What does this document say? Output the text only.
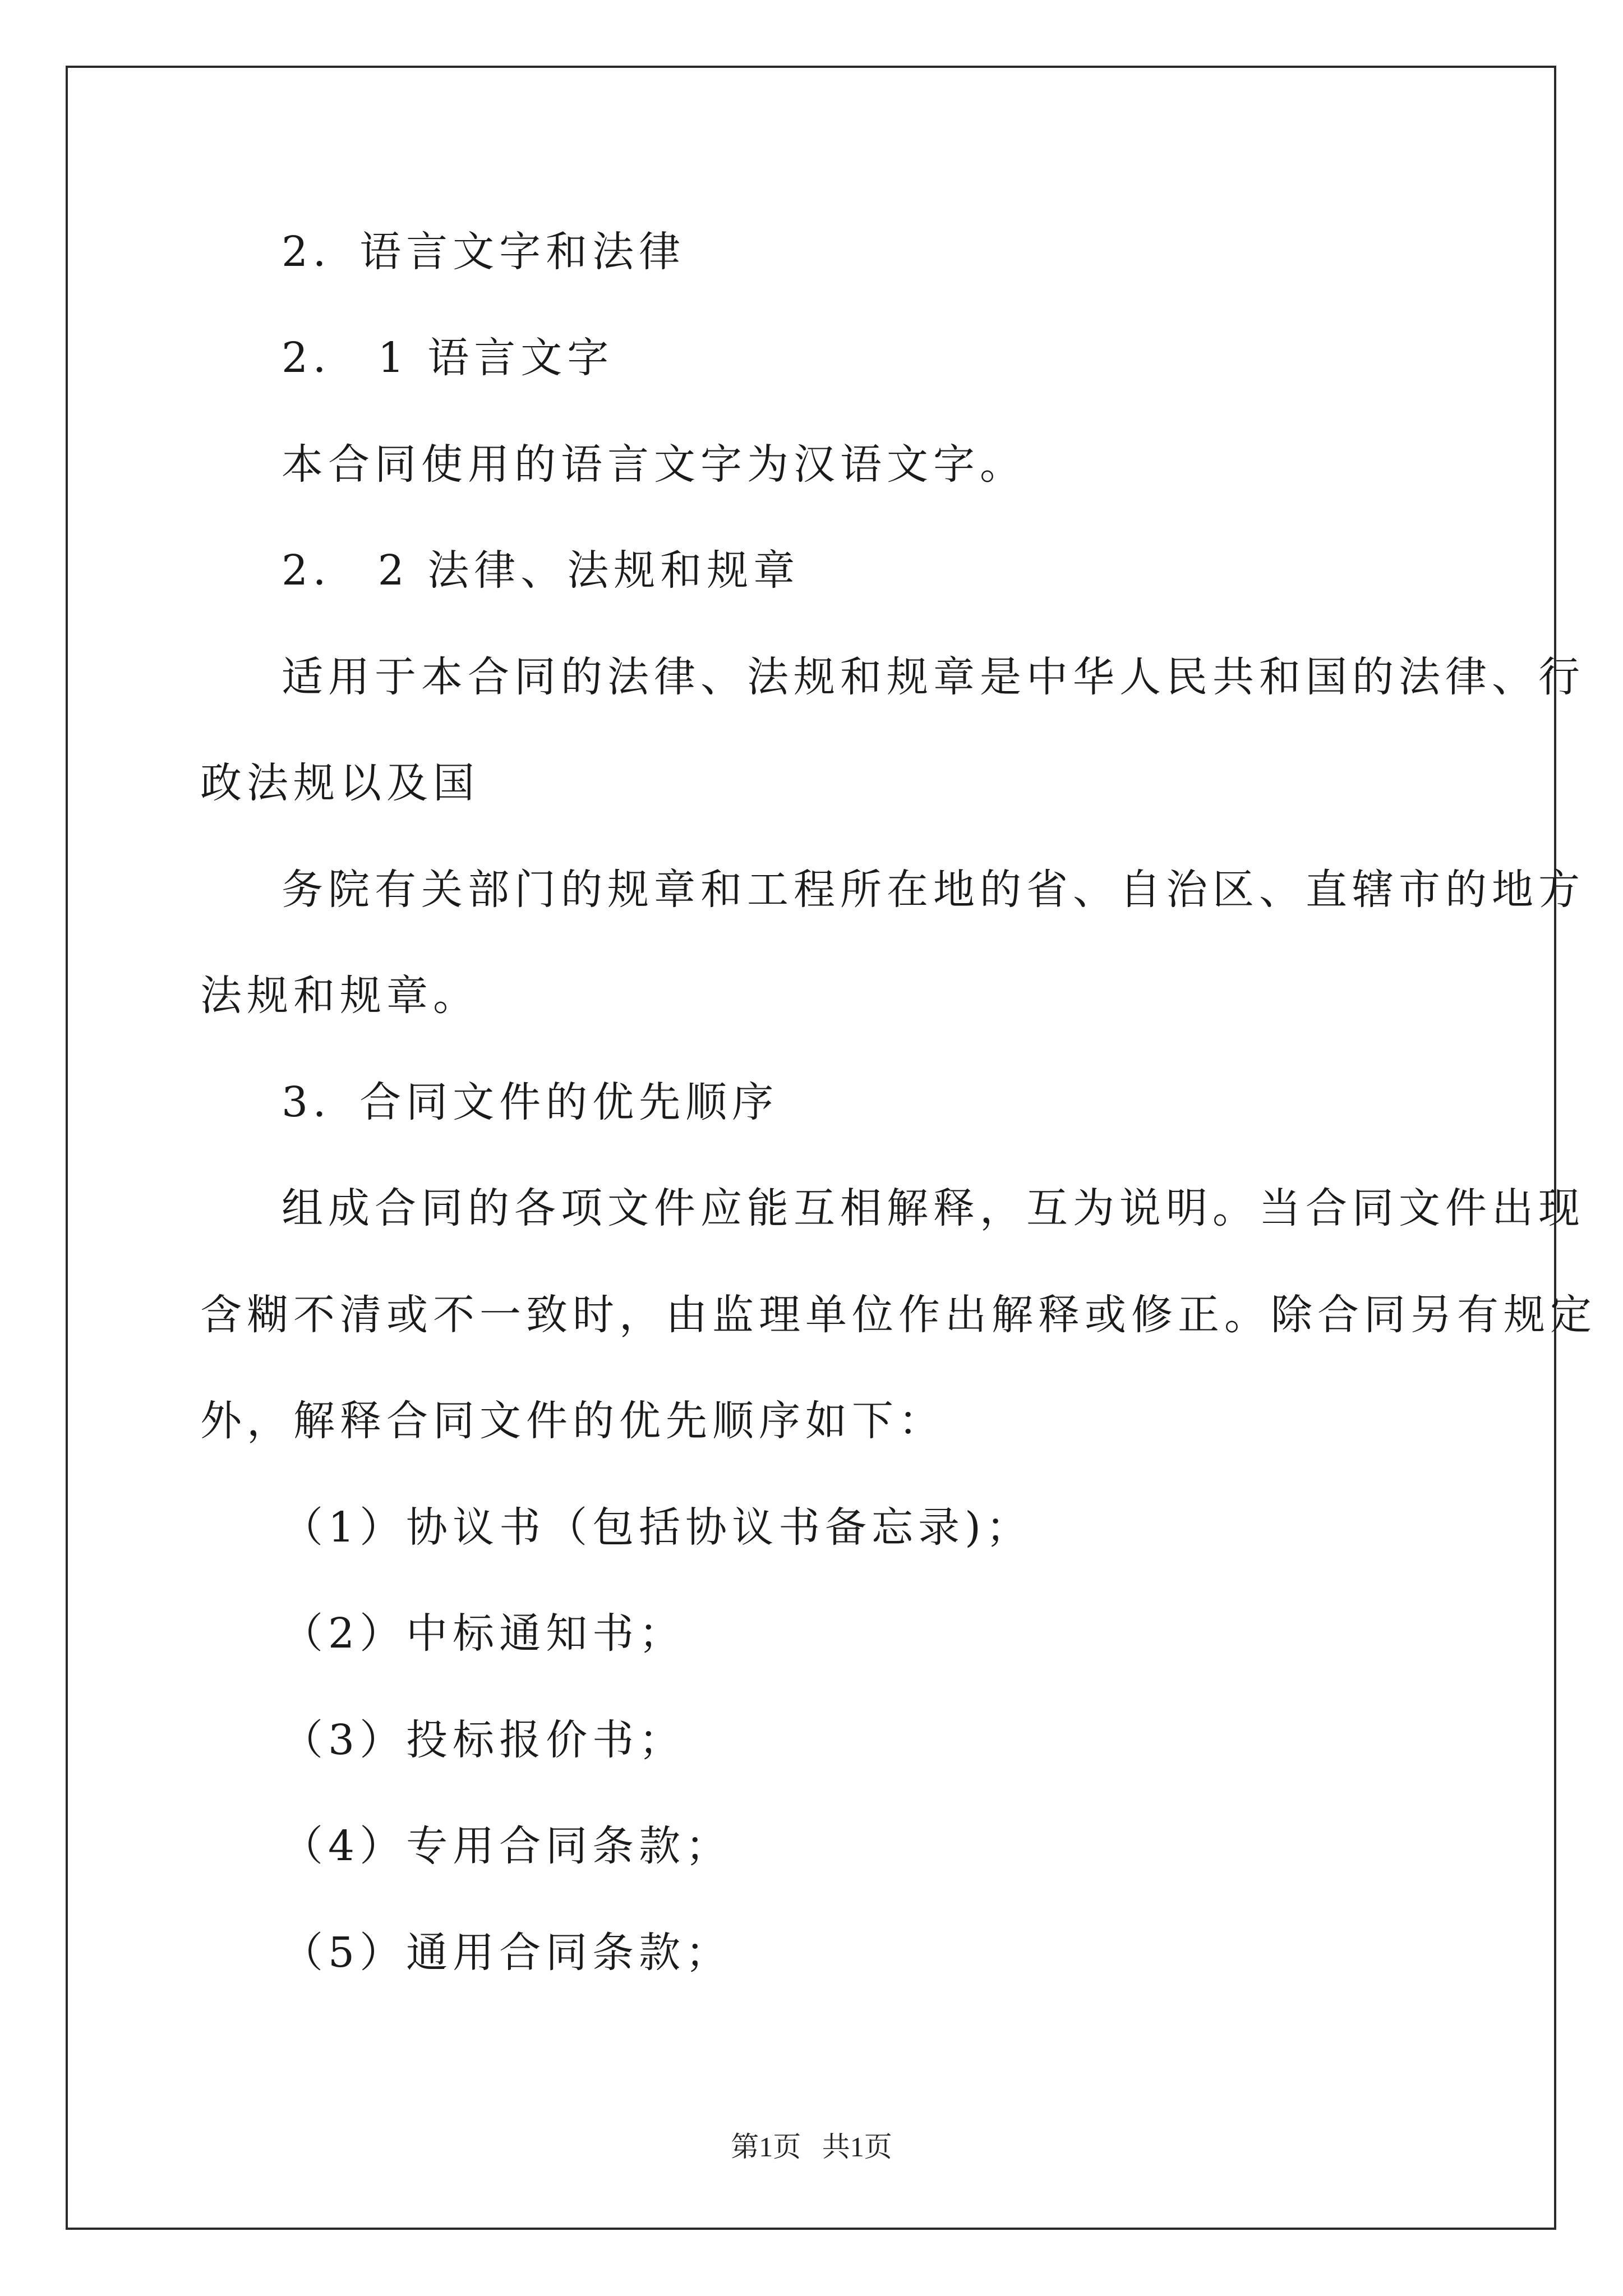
2．语言文字和法律
2． 1 语言文字
本合同使用的语言文字为汉语文字。
2． 2 法律、法规和规章
适用于本合同的法律、法规和规章是中华人民共和国的法律、行
政法规以及国
务院有关部门的规章和工程所在地的省、自治区、直辖市的地方
法规和规章。
3．合同文件的优先顺序
组成合同的各项文件应能互相解释，互为说明。当合同文件出现
含糊不清或不一致时，由监理单位作出解释或修正。除合同另有规定
外，解释合同文件的优先顺序如下：
（1）协议书（包括协议书备忘录)；
（2）中标通知书；
（3）投标报价书；
（4）专用合同条款；
（5）通用合同条款；
第1页   共1页
